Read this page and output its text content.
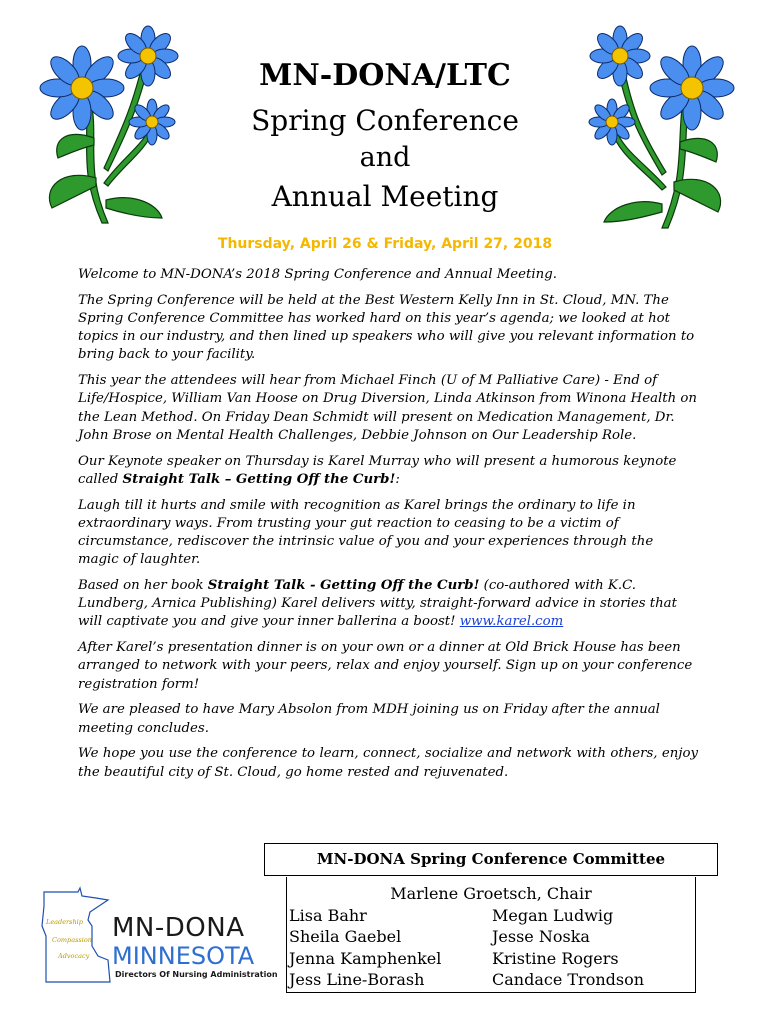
MN-DONA/LTC
Spring Conference
and
Annual Meeting
Thursday, April 26 & Friday, April 27, 2018

Welcome to MN-DONA’s 2018 Spring Conference and Annual Meeting.

The Spring Conference will be held at the Best Western Kelly Inn in St. Cloud, MN. The Spring Conference Committee has worked hard on this year’s agenda; we looked at hot topics in our industry, and then lined up speakers who will give you relevant information to bring back to your facility.

This year the attendees will hear from Michael Finch (U of M Palliative Care) - End of Life/Hospice, William Van Hoose on Drug Diversion, Linda Atkinson from Winona Health on the Lean Method. On Friday Dean Schmidt will present on Medication Management, Dr. John Brose on Mental Health Challenges, Debbie Johnson on Our Leadership Role.

Our Keynote speaker on Thursday is Karel Murray who will present a humorous keynote called Straight Talk – Getting Off the Curb!:

Laugh till it hurts and smile with recognition as Karel brings the ordinary to life in extraordinary ways. From trusting your gut reaction to ceasing to be a victim of circumstance, rediscover the intrinsic value of you and your experiences through the magic of laughter.

Based on her book Straight Talk - Getting Off the Curb! (co-authored with K.C. Lundberg, Arnica Publishing) Karel delivers witty, straight-forward advice in stories that will captivate you and give your inner ballerina a boost! www.karel.com

After Karel’s presentation dinner is on your own or a dinner at Old Brick House has been arranged to network with your peers, relax and enjoy yourself. Sign up on your conference registration form!

We are pleased to have Mary Absolon from MDH joining us on Friday after the annual meeting concludes.

We hope you use the conference to learn, connect, socialize and network with others, enjoy the beautiful city of St. Cloud, go home rested and rejuvenated.

MN-DONA Spring Conference Committee
Marlene Groetsch, Chair
Lisa Bahr
Sheila Gaebel
Jenna Kamphenkel
Jess Line-Borash
Megan Ludwig
Jesse Noska
Kristine Rogers
Candace Trondson
Leadership
Compassion
Advocacy
MN-DONA
MINNESOTA
Directors Of Nursing Administration
